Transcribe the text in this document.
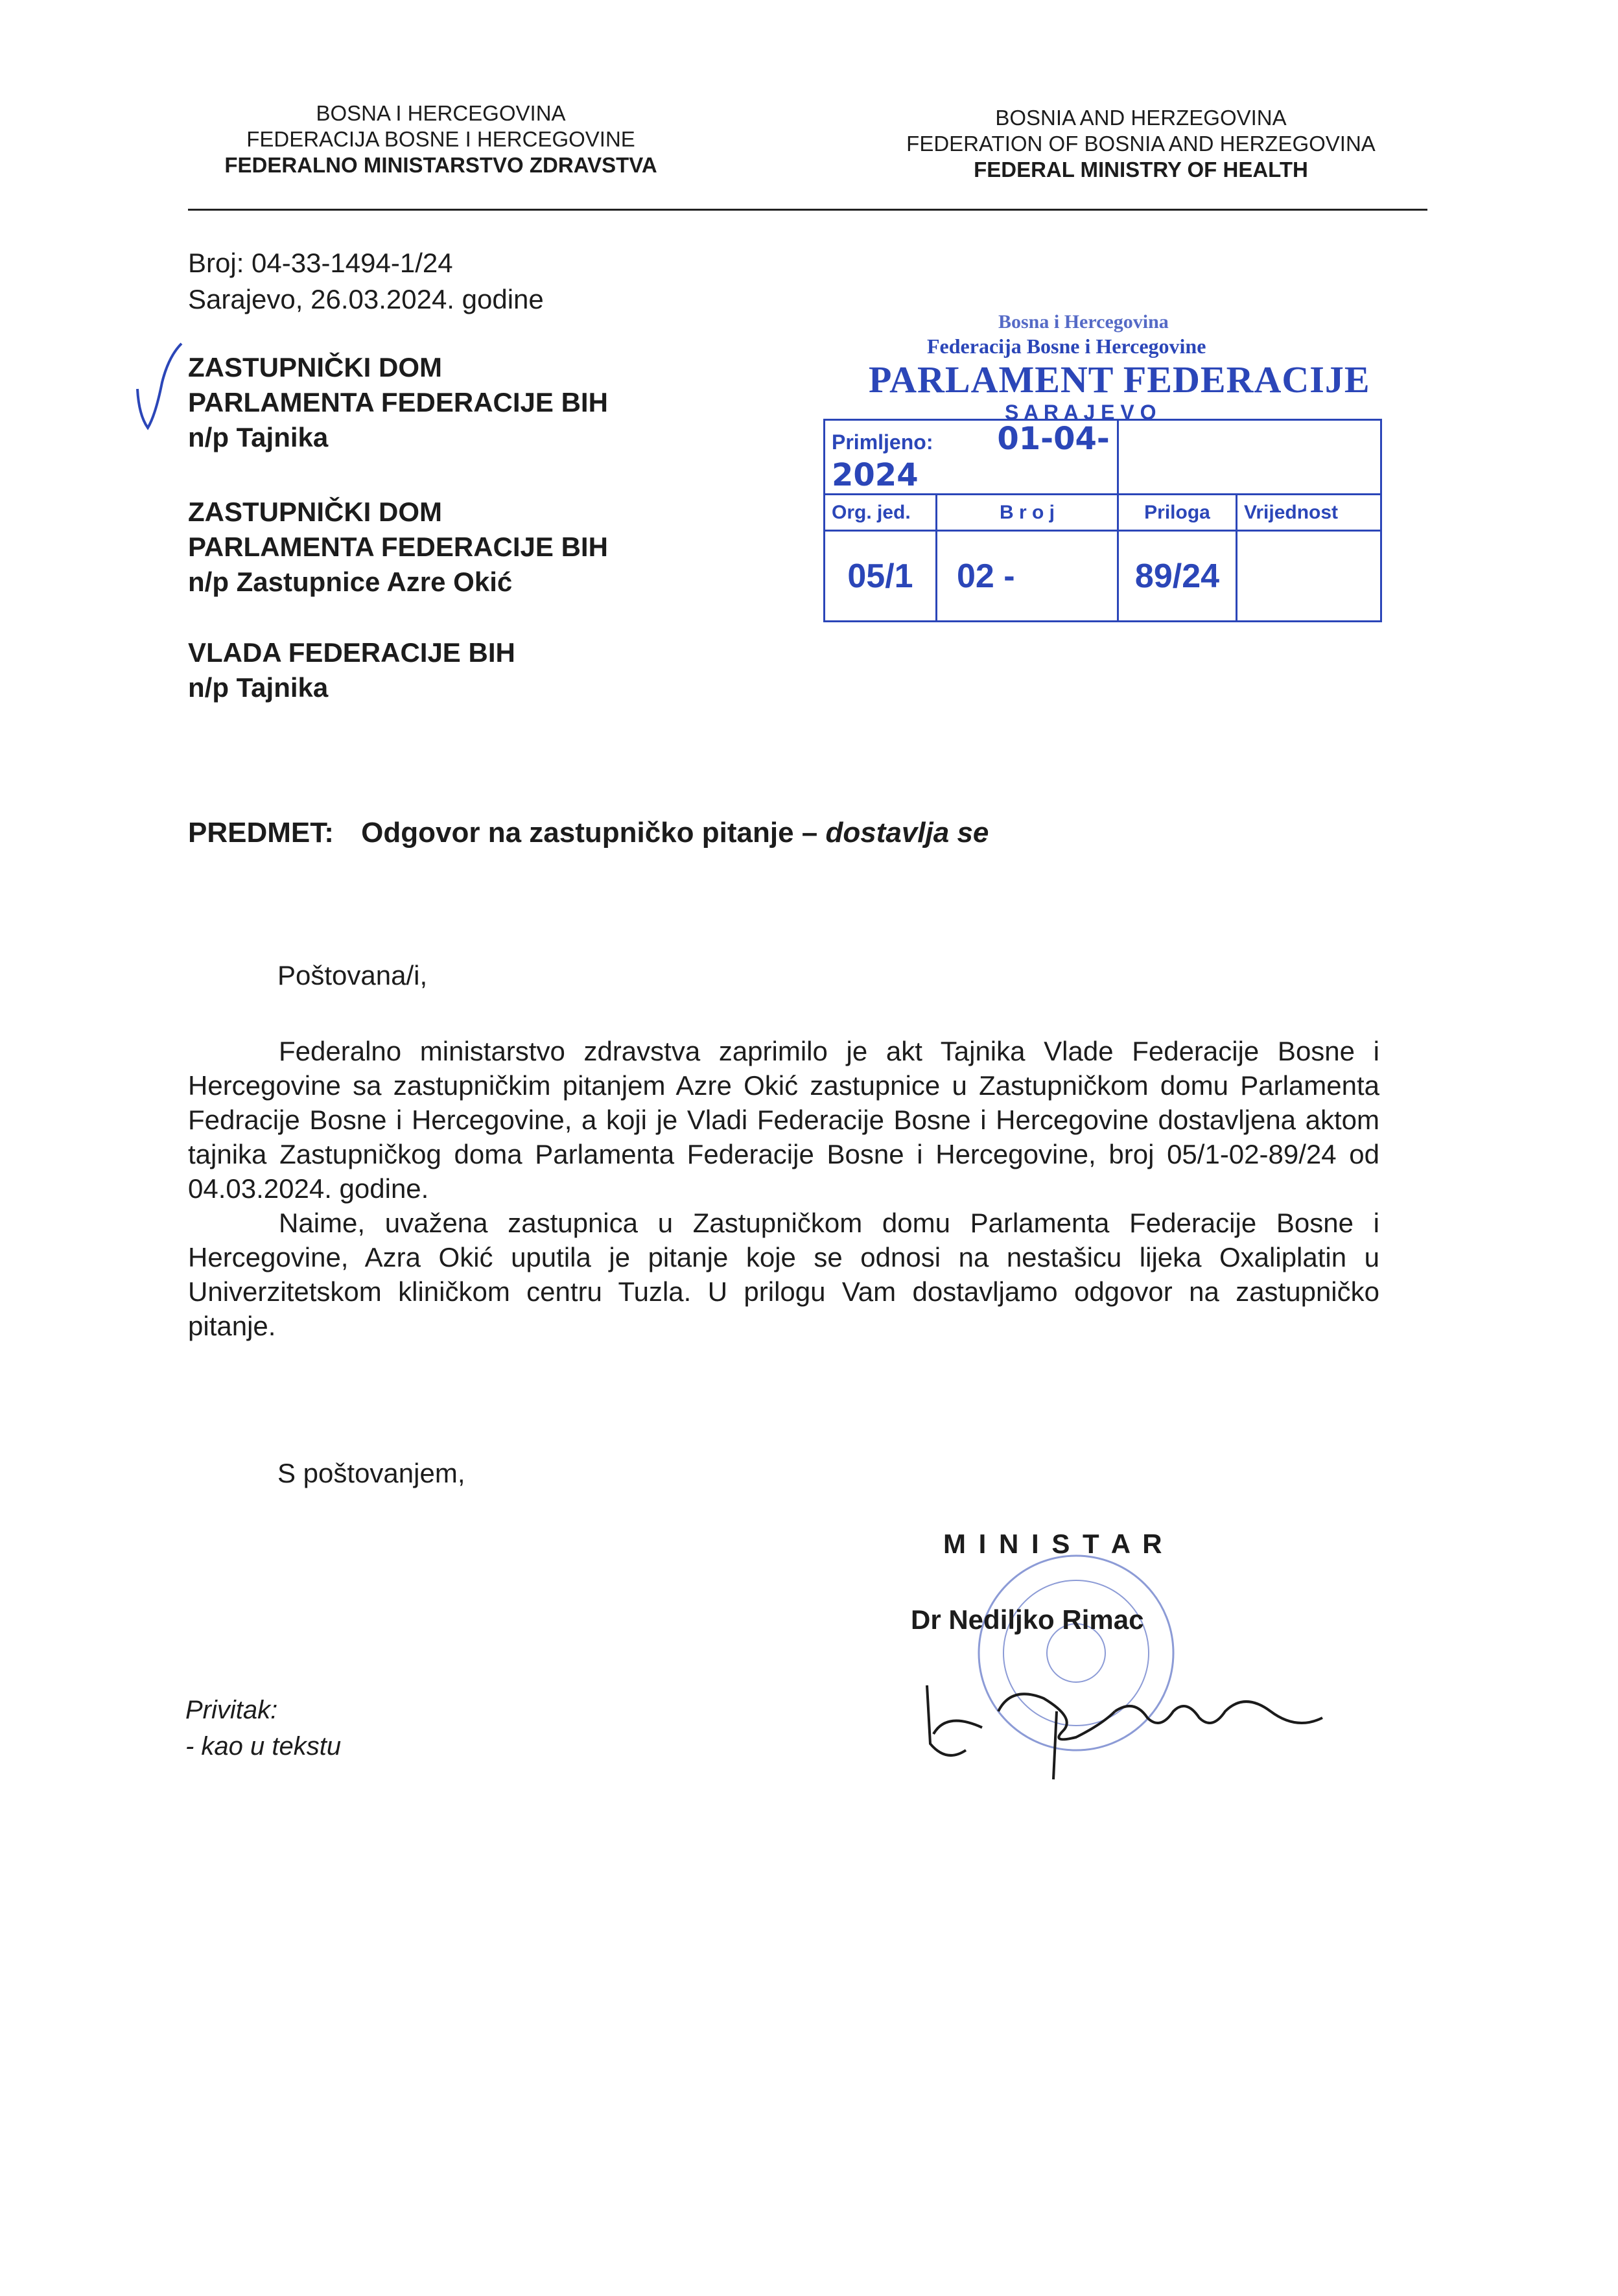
BOSNA I HERCEGOVINA
FEDERACIJA BOSNE I HERCEGOVINE
FEDERALNO MINISTARSTVO ZDRAVSTVA
BOSNIA AND HERZEGOVINA
FEDERATION OF BOSNIA AND HERZEGOVINA
FEDERAL MINISTRY OF HEALTH
Broj: 04-33-1494-1/24
Sarajevo, 26.03.2024. godine
ZASTUPNIČKI DOM
PARLAMENTA FEDERACIJE BIH
n/p Tajnika
ZASTUPNIČKI DOM
PARLAMENTA FEDERACIJE BIH
n/p Zastupnice Azre Okić
VLADA FEDERACIJE BIH
n/p Tajnika
Bosna i Hercegovina
Federacija Bosne i Hercegovine
PARLAMENT FEDERACIJE
S A R A J E V O
Primljeno: 01-04-2024			
Org. jed.	B r o j	Priloga	Vrijednost
05/1	02 -	89/24	
PREDMET: Odgovor na zastupničko pitanje – dostavlja se
Poštovana/i,

Federalno ministarstvo zdravstva zaprimilo je akt Tajnika Vlade Federacije Bosne i Hercegovine sa zastupničkim pitanjem Azre Okić zastupnice u Zastupničkom domu Parlamenta Fedracije Bosne i Hercegovine, a koji je Vladi Federacije Bosne i Hercegovine dostavljena aktom tajnika Zastupničkog doma Parlamenta Federacije Bosne i Hercegovine, broj 05/1-02-89/24 od 04.03.2024. godine.

Naime, uvažena zastupnica u Zastupničkom domu Parlamenta Federacije Bosne i Hercegovine, Azra Okić uputila je pitanje koje se odnosi na nestašicu lijeka Oxaliplatin u Univerzitetskom kliničkom centru Tuzla. U prilogu Vam dostavljamo odgovor na zastupničko pitanje.

S poštovanjem,
M I N I S T A R
Dr Nediljko Rimac
Privitak:
- kao u tekstu
